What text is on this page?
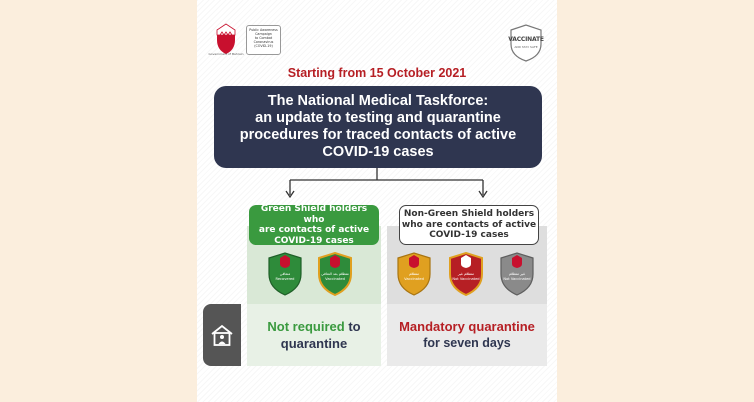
Government of Bahrain
Public Awareness
Campaign
to Combat
Coronavirus
(COVID-19)
VACCINATE
AND STAY SAFE
Starting from 15 October 2021
The National Medical Taskforce:
an update to testing and quarantine
procedures for traced contacts of active
COVID-19 cases
Green Shield holders who
are contacts of active
COVID-19 cases
Non-Green Shield holders
who are contacts of active
COVID-19 cases
متعافي
Recovered
متطعّم بعد التعافي
Vaccinated
متطعّم
Vaccinated
متطعّم غير
Not Vaccinated
غير متطعّم
Not Vaccinated
Not required to
quarantine
Mandatory quarantine
for seven days
